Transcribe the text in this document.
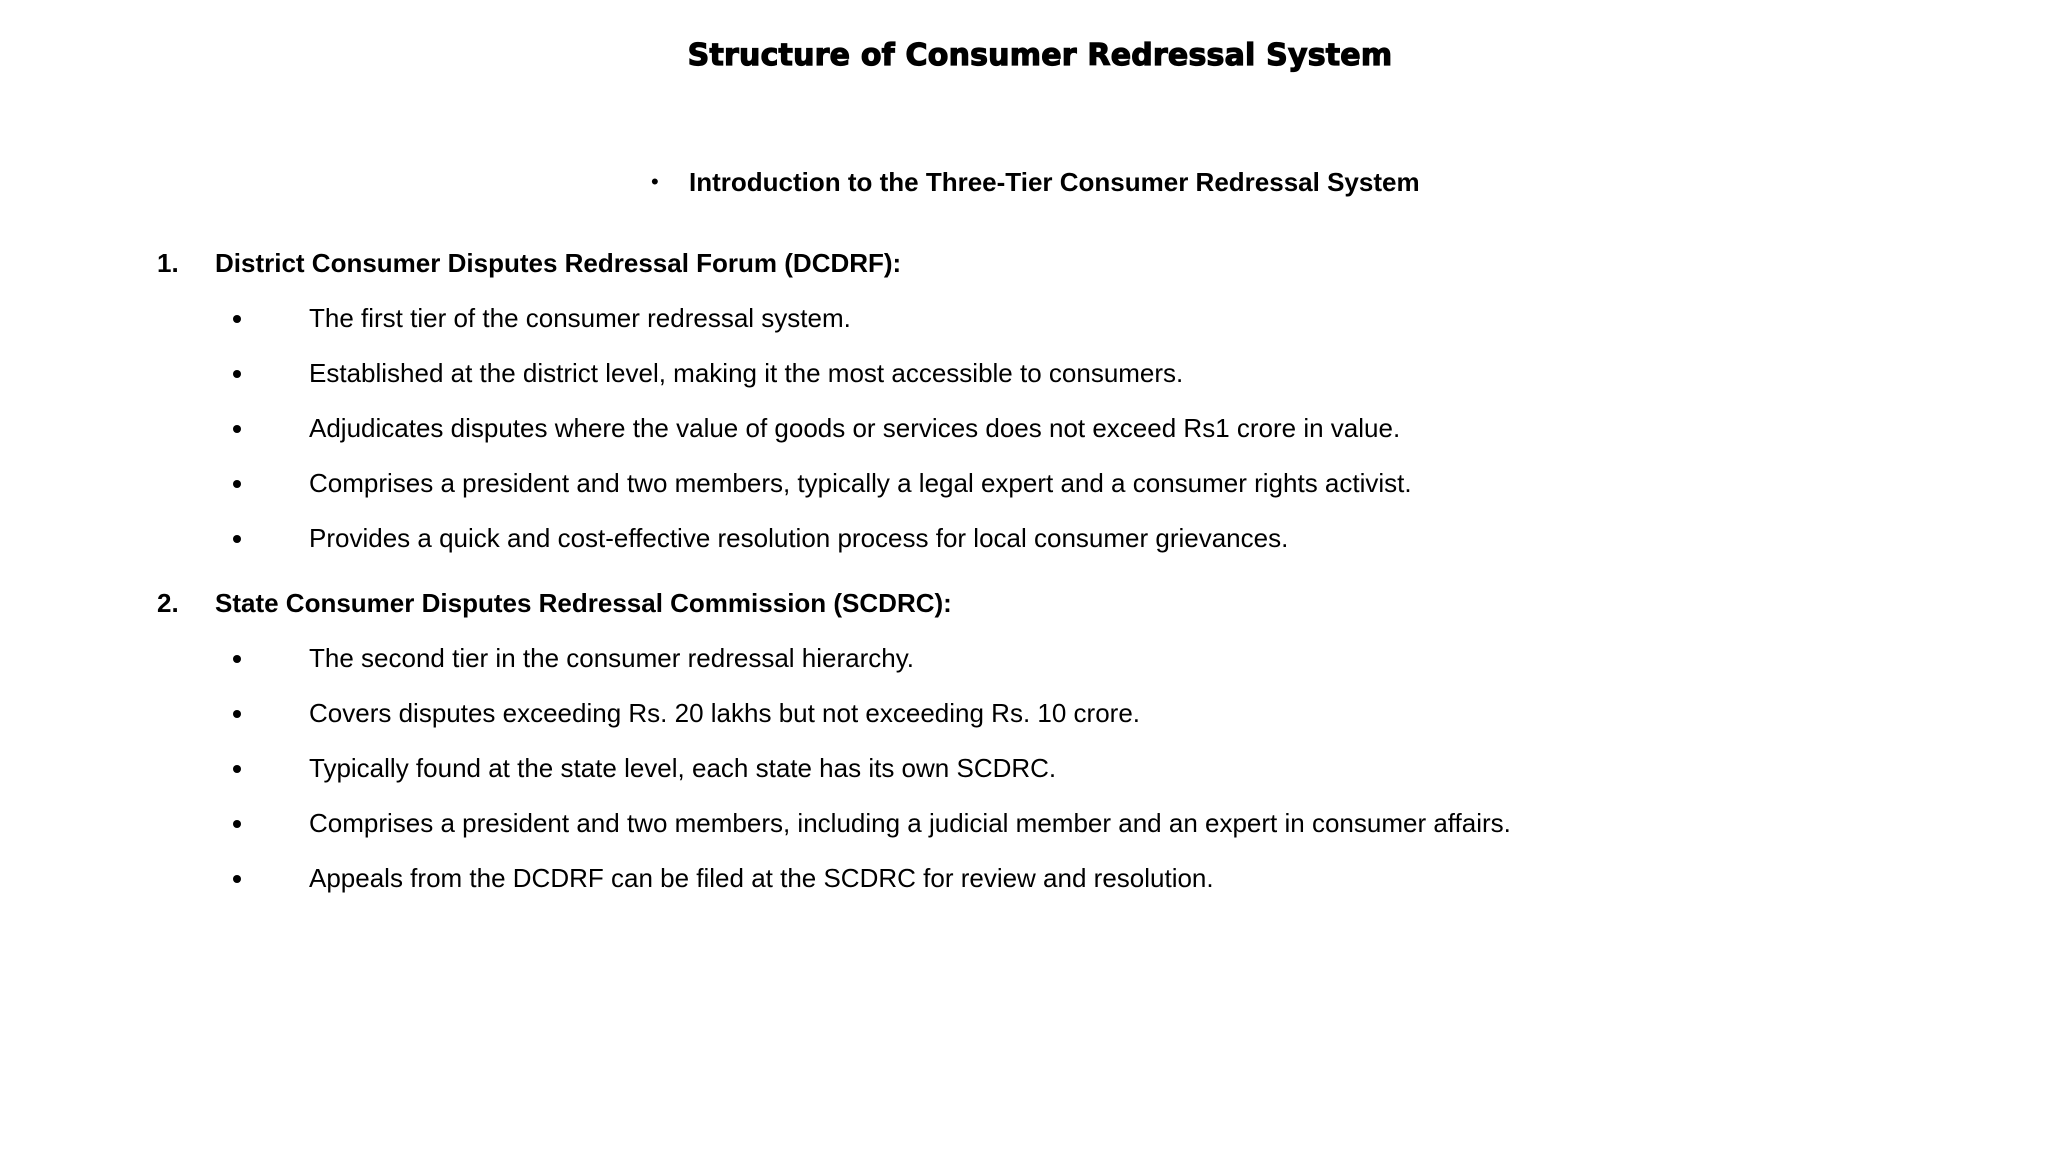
Structure of Consumer Redressal System
• Introduction to the Three-Tier Consumer Redressal System
1. District Consumer Disputes Redressal Forum (DCDRF):
The first tier of the consumer redressal system.
Established at the district level, making it the most accessible to consumers.
Adjudicates disputes where the value of goods or services does not exceed Rs1 crore in value.
Comprises a president and two members, typically a legal expert and a consumer rights activist.
Provides a quick and cost-effective resolution process for local consumer grievances.
2. State Consumer Disputes Redressal Commission (SCDRC):
The second tier in the consumer redressal hierarchy.
Covers disputes exceeding Rs. 20 lakhs but not exceeding Rs. 10 crore.
Typically found at the state level, each state has its own SCDRC.
Comprises a president and two members, including a judicial member and an expert in consumer affairs.
Appeals from the DCDRF can be filed at the SCDRC for review and resolution.
